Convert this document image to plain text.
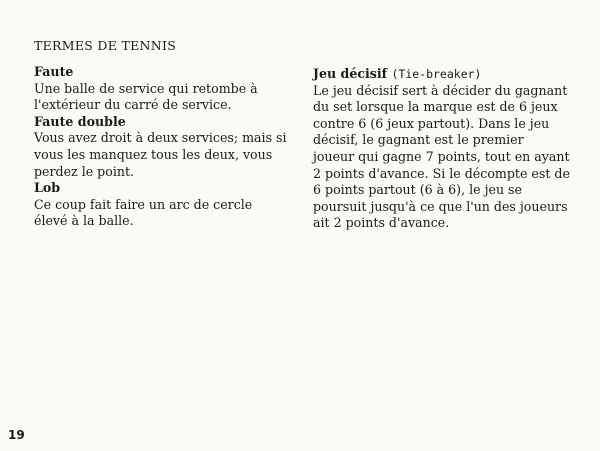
TERMES DE TENNIS
Faute
Une balle de service qui retombe à
l'extérieur du carré de service.
Faute double
Vous avez droit à deux services; mais si
vous les manquez tous les deux, vous
perdez le point.
Lob
Ce coup fait faire un arc de cercle
élevé à la balle.
Jeu décisif (Tie-breaker)
Le jeu décisif sert à décider du gagnant
du set lorsque la marque est de 6 jeux
contre 6 (6 jeux partout). Dans le jeu
décisif, le gagnant est le premier
joueur qui gagne 7 points, tout en ayant
2 points d'avance. Si le décompte est de
6 points partout (6 à 6), le jeu se
poursuit jusqu'à ce que l'un des joueurs
ait 2 points d'avance.
19
